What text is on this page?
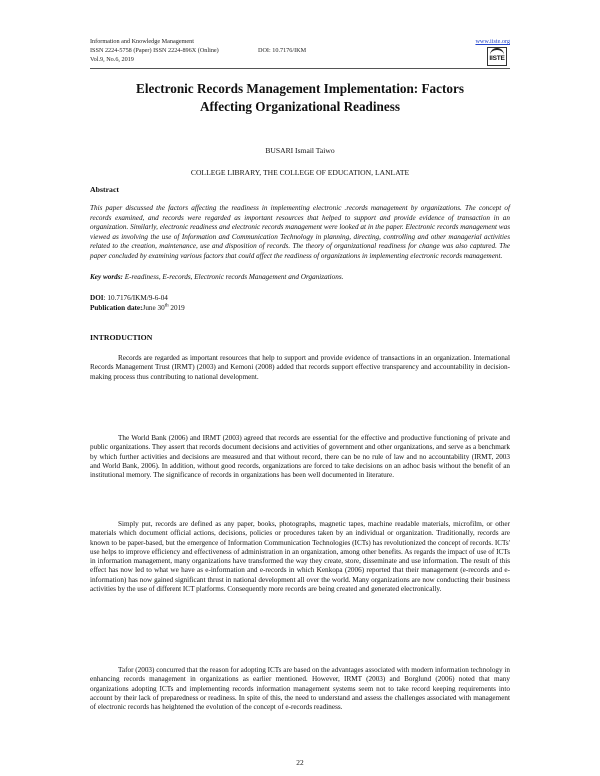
Information and Knowledge Management
ISSN 2224-5758 (Paper) ISSN 2224-896X (Online)
Vol.9, No.6, 2019
DOI: 10.7176/IKM
www.iiste.org
IISTE
Electronic Records Management Implementation: Factors Affecting Organizational Readiness
BUSARI Ismail Taiwo
COLLEGE LIBRARY, THE COLLEGE OF EDUCATION, LANLATE
Abstract
This paper discussed the factors affecting the readiness in implementing electronic .records management by organizations. The concept of records examined, and records were regarded as important resources that helped to support and provide evidence of transaction in an organization. Similarly, electronic readiness and electronic records management were looked at in the paper. Electronic records management was viewed as involving the use of Information and Communication Technology in planning, directing, controlling and other managerial activities related to the creation, maintenance, use and disposition of records. The theory of organizational readiness for change was also captured. The paper concluded by examining various factors that could affect the readiness of organizations in implementing electronic records management.
Key words: E-readiness, E-records, Electronic records Management and Organizations.
DOI: 10.7176/IKM/9-6-04
Publication date:June 30th 2019
INTRODUCTION
Records are regarded as important resources that help to support and provide evidence of transactions in an organization. International Records Management Trust (IRMT) (2003) and Kemoni (2008) added that records support effective transparency and accountability in decision-making process thus contributing to national development.
The World Bank (2006) and IRMT (2003) agreed that records are essential for the effective and productive functioning of private and public organizations. They assert that records document decisions and activities of government and other organizations, and serve as a benchmark by which further activities and decisions are measured and that without record, there can be no rule of law and no accountability (IRMT, 2003 and World Bank, 2006). In addition, without good records, organizations are forced to take decisions on an adhoc basis without the benefit of an institutional memory. The significance of records in organizations has been well documented in literature.
Simply put, records are defined as any paper, books, photographs, magnetic tapes, machine readable materials, microfilm, or other materials which document official actions, decisions, policies or procedures taken by an individual or organization. Traditionally, records are known to be paper-based, but the emergence of Information Communication Technologies (ICTs) has revolutionized the concept of records. ICTs' use helps to improve efficiency and effectiveness of administration in an organization, among other benefits. As regards the impact of use of ICTs in information management, many organizations have transformed the way they create, store, disseminate and use information. The result of this effect has now led to what we have as e-information and e-records in which Kenkopa (2006) reported that their management (e-records and e-information) has now gained significant thrust in national development all over the world. Many organizations are now conducting their business activities by the use of different ICT platforms. Consequently more records are being created and generated electronically.
Tafor (2003) concurred that the reason for adopting ICTs are based on the advantages associated with modern information technology in enhancing records management in organizations as earlier mentioned. However, IRMT (2003) and Borglund (2006) noted that many organizations adopting ICTs and implementing records information management systems seem not to take record keeping requirements into account by their lack of preparedness or readiness. In spite of this, the need to understand and assess the challenges associated with management of electronic records has heightened the evolution of the concept of e-records readiness.
22
